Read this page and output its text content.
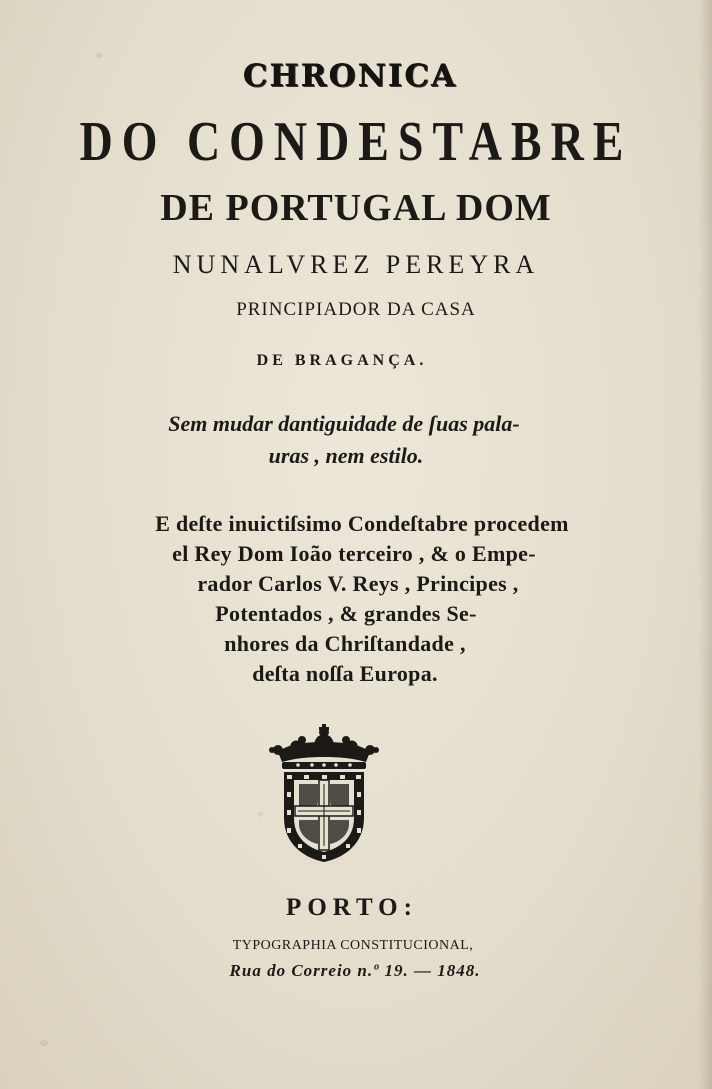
CHRONICA
DO CONDESTABRE
DE PORTUGAL DOM
NUNALVREZ PEREYRA
PRINCIPIADOR DA CASA
DE BRAGANÇA.
Sem mudar dantiguidade de ſuas pala-
uras , nem estilo.
E deſte inuictiſsimo Condeſtabre procedem
el Rey Dom Ioão terceiro , & o Empe-
rador Carlos V. Reys , Principes ,
Potentados , & grandes Se-
nhores da Chriſtandade ,
deſta noſſa Europa.
PORTO:
TYPOGRAPHIA CONSTITUCIONAL,
Rua do Correio n.º 19. — 1848.
